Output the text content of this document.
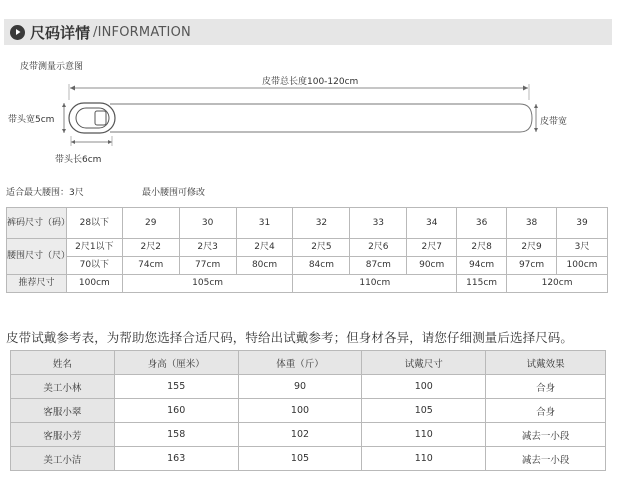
尺码详情 /INFORMATION
皮带测量示意图
皮带总长度100-120cm
带头宽5cm	皮带宽
带头长6cm
适合最大腰围：3尺	最小腰围可修改
裤码尺寸（码）	28以下	29	30	31	32	33	34	36	38	39
腰围尺寸（尺）	2尺1以下	2尺2	2尺3	2尺4	2尺5	2尺6	2尺7	2尺8	2尺9	3尺
	70以下	74cm	77cm	80cm	84cm	87cm	90cm	94cm	97cm	100cm
推荐尺寸	100cm	105cm			110cm			115cm	120cm	
皮带试戴参考表，为帮助您选择合适尺码，特给出试戴参考；但身材各异，请您仔细测量后选择尺码。
姓名	身高（厘米）	体重（斤）	试戴尺寸	试戴效果
美工小林	155	90	100	合身
客服小翠	160	100	105	合身
客服小芳	158	102	110	减去一小段
美工小洁	163	105	110	减去一小段
